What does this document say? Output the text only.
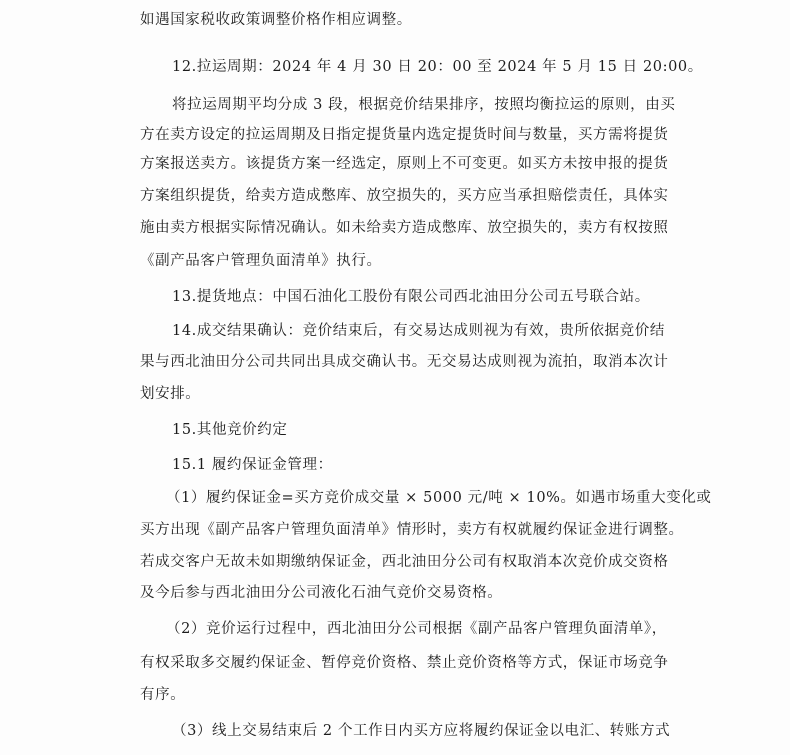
如遇国家税收政策调整价格作相应调整。
12.拉运周期：2024 年 4 月 30 日 20：00 至 2024 年 5 月 15 日 20:00。
将拉运周期平均分成 3 段，根据竞价结果排序，按照均衡拉运的原则，由买
方在卖方设定的拉运周期及日指定提货量内选定提货时间与数量，买方需将提货
方案报送卖方。该提货方案一经选定，原则上不可变更。如买方未按申报的提货
方案组织提货，给卖方造成憋库、放空损失的，买方应当承担赔偿责任，具体实
施由卖方根据实际情况确认。如未给卖方造成憋库、放空损失的，卖方有权按照
《副产品客户管理负面清单》执行。
13.提货地点：中国石油化工股份有限公司西北油田分公司五号联合站。
14.成交结果确认：竞价结束后，有交易达成则视为有效，贵所依据竞价结
果与西北油田分公司共同出具成交确认书。无交易达成则视为流拍，取消本次计
划安排。
15.其他竞价约定
15.1 履约保证金管理：
（1）履约保证金=买方竞价成交量 × 5000 元/吨 × 10%。如遇市场重大变化或
买方出现《副产品客户管理负面清单》情形时，卖方有权就履约保证金进行调整。
若成交客户无故未如期缴纳保证金，西北油田分公司有权取消本次竞价成交资格
及今后参与西北油田分公司液化石油气竞价交易资格。
（2）竞价运行过程中，西北油田分公司根据《副产品客户管理负面清单》，
有权采取多交履约保证金、暂停竞价资格、禁止竞价资格等方式，保证市场竞争
有序。
（3）线上交易结束后 2 个工作日内买方应将履约保证金以电汇、转账方式
